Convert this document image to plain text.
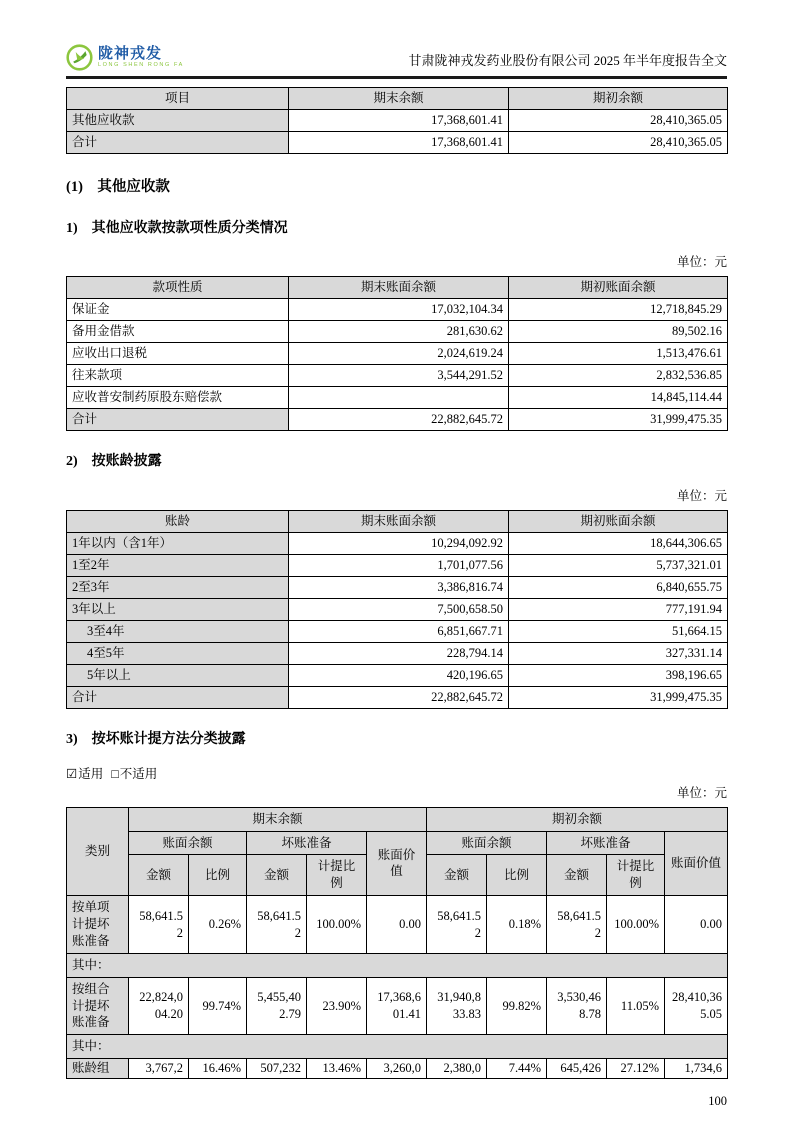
陇神戎发
LONG SHEN RONG FA	甘肃陇神戎发药业股份有限公司 2025 年半年度报告全文
项目	期末余额	期初余额
其他应收款	17,368,601.41	28,410,365.05
合计	17,368,601.41	28,410,365.05
(1)　其他应收款
1)　其他应收款按款项性质分类情况
单位：元
款项性质	期末账面余额	期初账面余额
保证金	17,032,104.34	12,718,845.29
备用金借款	281,630.62	89,502.16
应收出口退税	2,024,619.24	1,513,476.61
往来款项	3,544,291.52	2,832,536.85
应收普安制药原股东赔偿款		14,845,114.44
合计	22,882,645.72	31,999,475.35
2)　按账龄披露
单位：元
账龄	期末账面余额	期初账面余额
1年以内（含1年）	10,294,092.92	18,644,306.65
1至2年	1,701,077.56	5,737,321.01
2至3年	3,386,816.74	6,840,655.75
3年以上	7,500,658.50	777,191.94
3至4年	6,851,667.71	51,664.15
4至5年	228,794.14	327,331.14
5年以上	420,196.65	398,196.65
合计	22,882,645.72	31,999,475.35
3)　按坏账计提方法分类披露
☑适用 □不适用
单位：元
类别	期末余额					期初余额				
	账面余额		坏账准备		账面价值	账面余额		坏账准备		账面价值
	金额	比例	金额	计提比例		金额	比例	金额	计提比例	
按单项计提坏账准备	58,641.52	0.26%	58,641.52	100.00%	0.00	58,641.52	0.18%	58,641.52	100.00%	0.00
其中：										
按组合计提坏账准备	22,824,004.20	99.74%	5,455,402.79	23.90%	17,368,601.41	31,940,833.83	99.82%	3,530,468.78	11.05%	28,410,365.05
其中：										
账龄组	3,767,2	16.46%	507,232	13.46%	3,260,0	2,380,0	7.44%	645,426	27.12%	1,734,6
100
